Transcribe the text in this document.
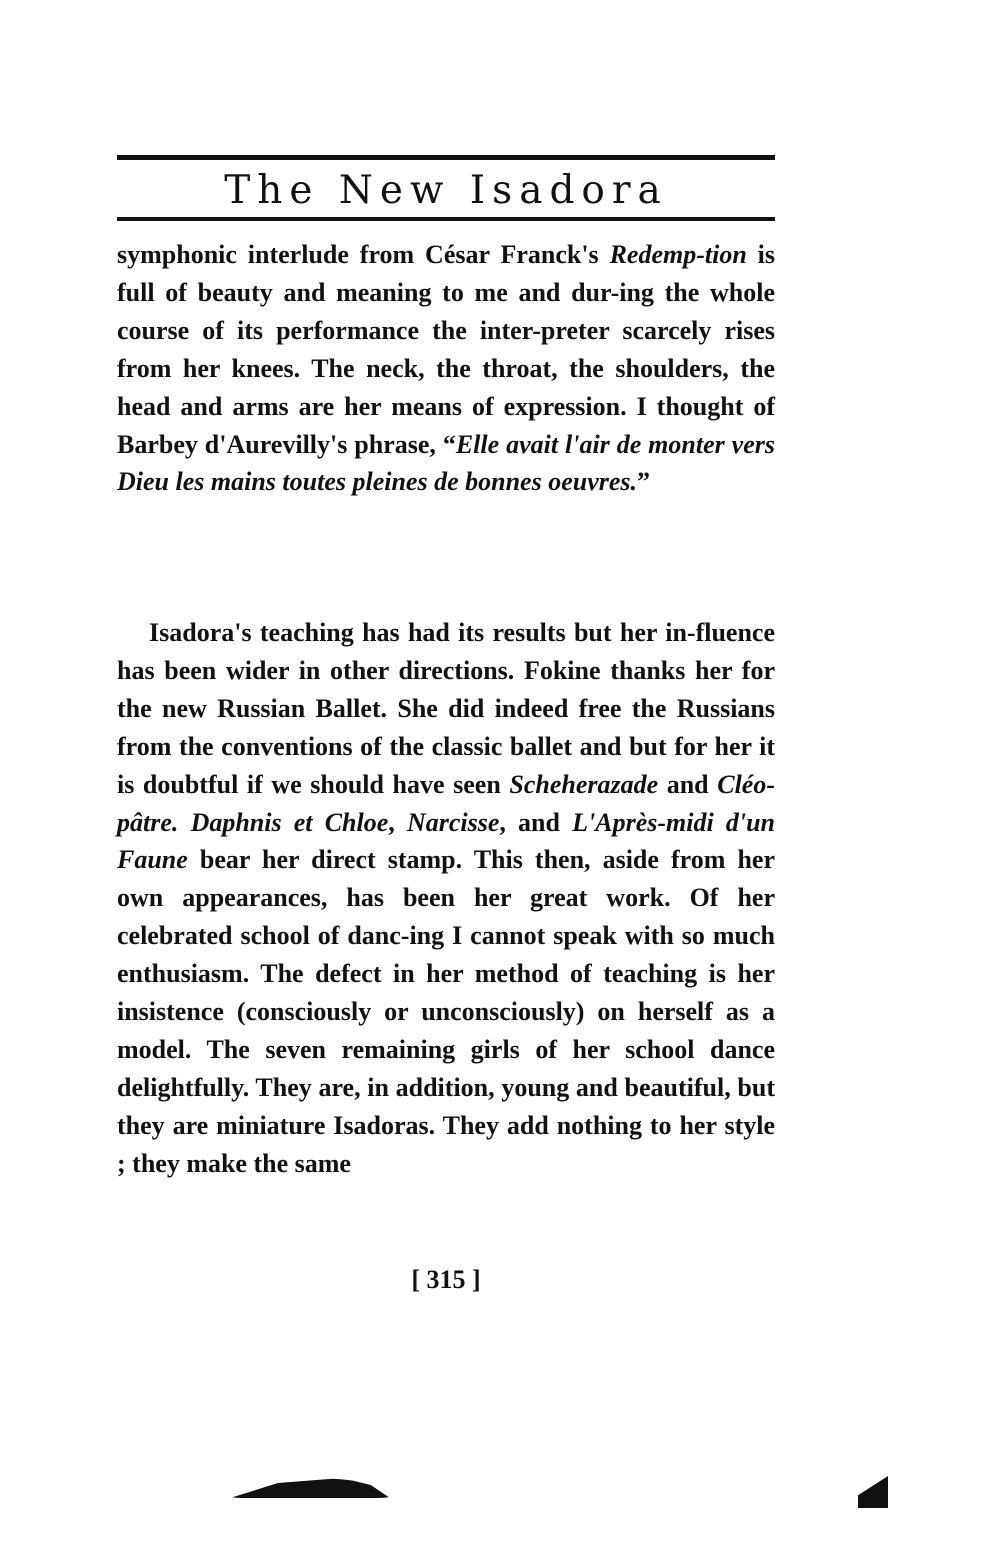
The New Isadora
symphonic interlude from César Franck's Redemp-tion is full of beauty and meaning to me and dur-ing the whole course of its performance the inter-preter scarcely rises from her knees. The neck, the throat, the shoulders, the head and arms are her means of expression. I thought of Barbey d'Aurevilly's phrase, “Elle avait l'air de monter vers Dieu les mains toutes pleines de bonnes oeuvres.”
Isadora's teaching has had its results but her in-fluence has been wider in other directions. Fokine thanks her for the new Russian Ballet. She did indeed free the Russians from the conventions of the classic ballet and but for her it is doubtful if we should have seen Scheherazade and Cléo-pâtre. Daphnis et Chloe, Narcisse, and L'Après-midi d'un Faune bear her direct stamp. This then, aside from her own appearances, has been her great work. Of her celebrated school of danc-ing I cannot speak with so much enthusiasm. The defect in her method of teaching is her insistence (consciously or unconsciously) on herself as a model. The seven remaining girls of her school dance delightfully. They are, in addition, young and beautiful, but they are miniature Isadoras. They add nothing to her style ; they make the same
[ 315 ]
